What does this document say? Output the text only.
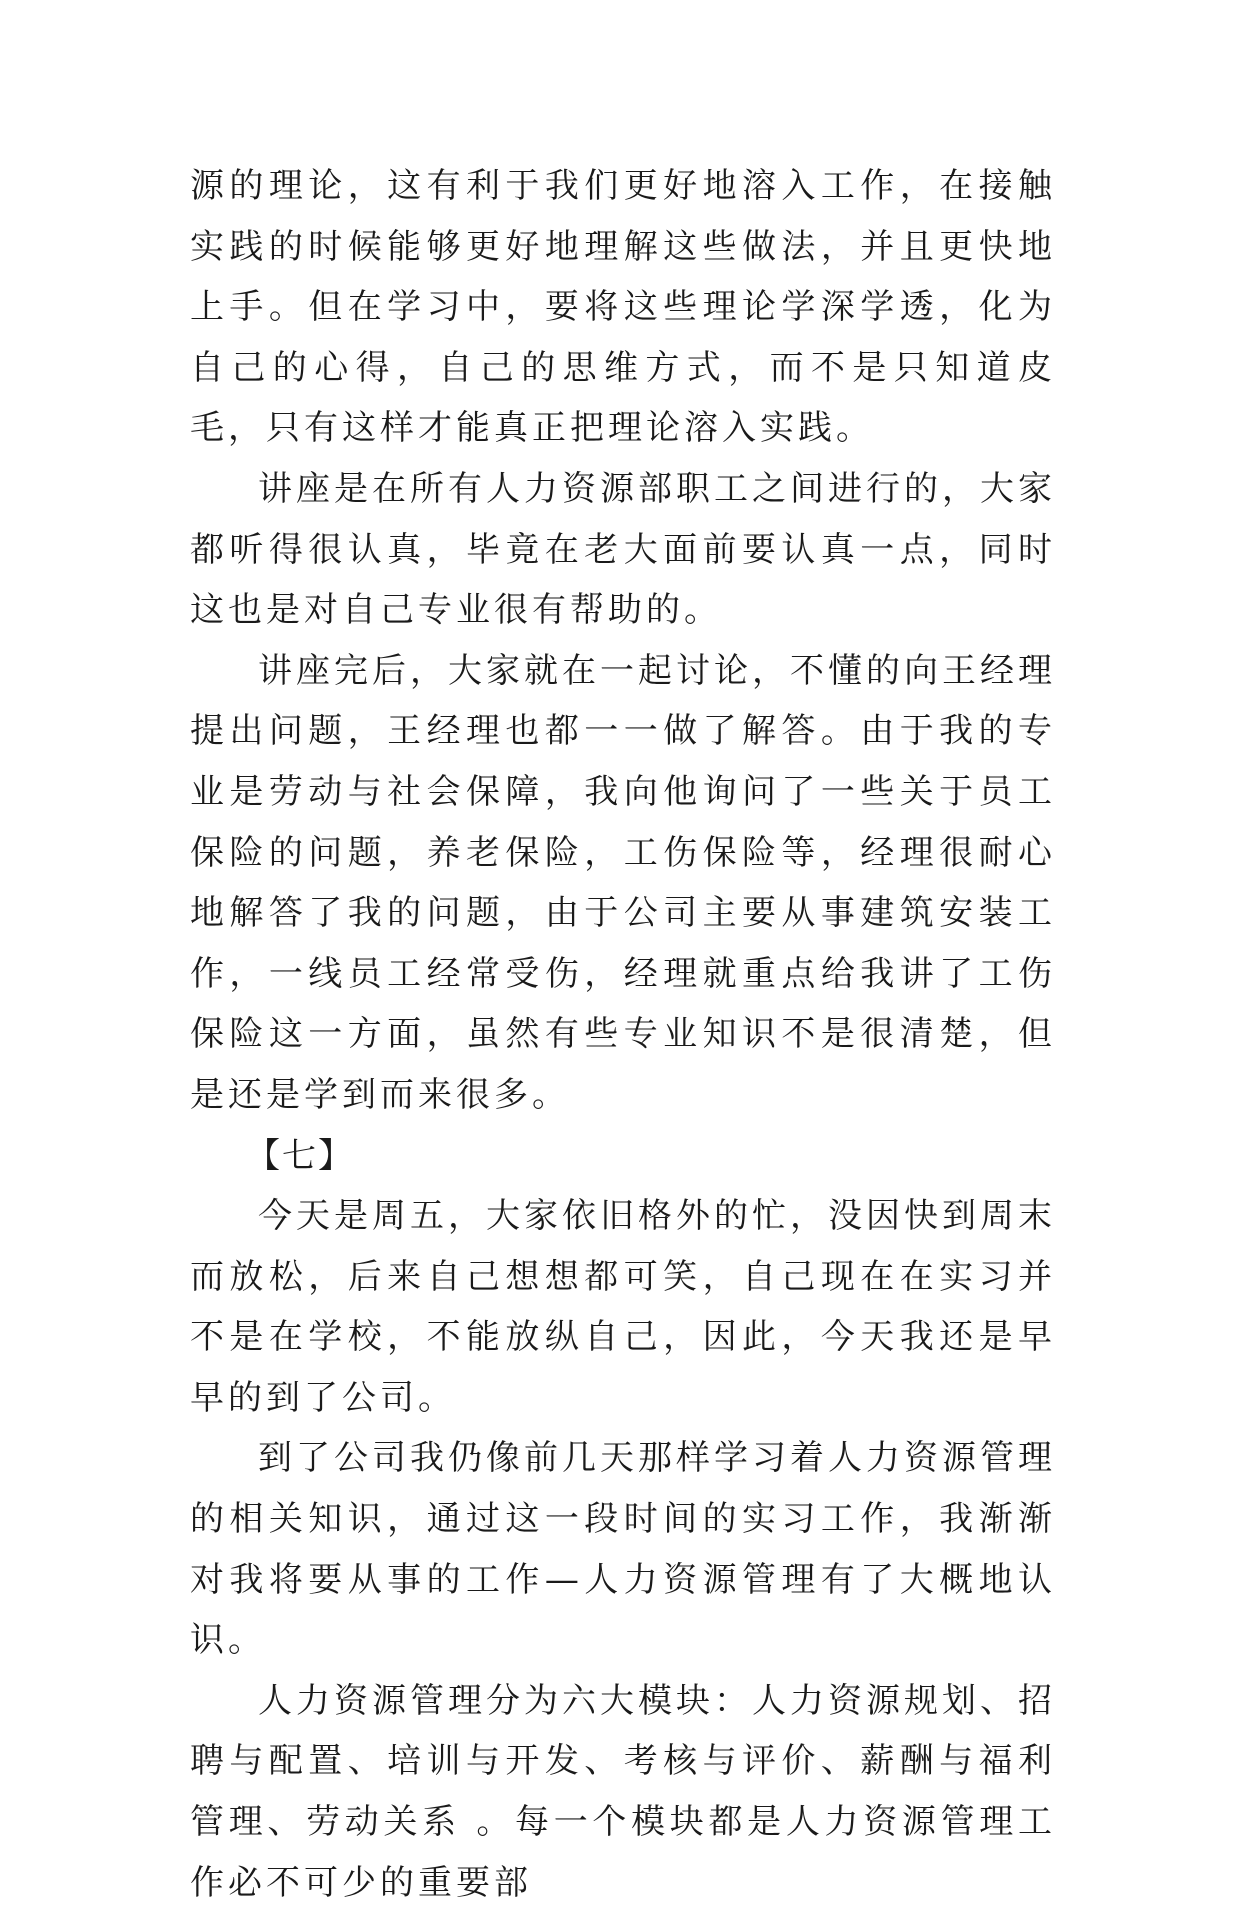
源的理论，这有利于我们更好地溶入工作，在接触实践的时候能够更好地理解这些做法，并且更快地上手。但在学习中，要将这些理论学深学透，化为自己的心得，自己的思维方式，而不是只知道皮毛，只有这样才能真正把理论溶入实践。

讲座是在所有人力资源部职工之间进行的，大家都听得很认真，毕竟在老大面前要认真一点，同时这也是对自己专业很有帮助的。

讲座完后，大家就在一起讨论，不懂的向王经理提出问题，王经理也都一一做了解答。由于我的专业是劳动与社会保障，我向他询问了一些关于员工保险的问题，养老保险，工伤保险等，经理很耐心地解答了我的问题，由于公司主要从事建筑安装工作，一线员工经常受伤，经理就重点给我讲了工伤保险这一方面，虽然有些专业知识不是很清楚，但是还是学到而来很多。

【七】

今天是周五，大家依旧格外的忙，没因快到周末而放松，后来自己想想都可笑，自己现在在实习并不是在学校，不能放纵自己，因此，今天我还是早早的到了公司。

到了公司我仍像前几天那样学习着人力资源管理的相关知识，通过这一段时间的实习工作，我渐渐对我将要从事的工作—人力资源管理有了大概地认识。

人力资源管理分为六大模块：人力资源规划、招聘与配置、培训与开发、考核与评价、薪酬与福利管理、劳动关系 。每一个模块都是人力资源管理工作必不可少的重要部
